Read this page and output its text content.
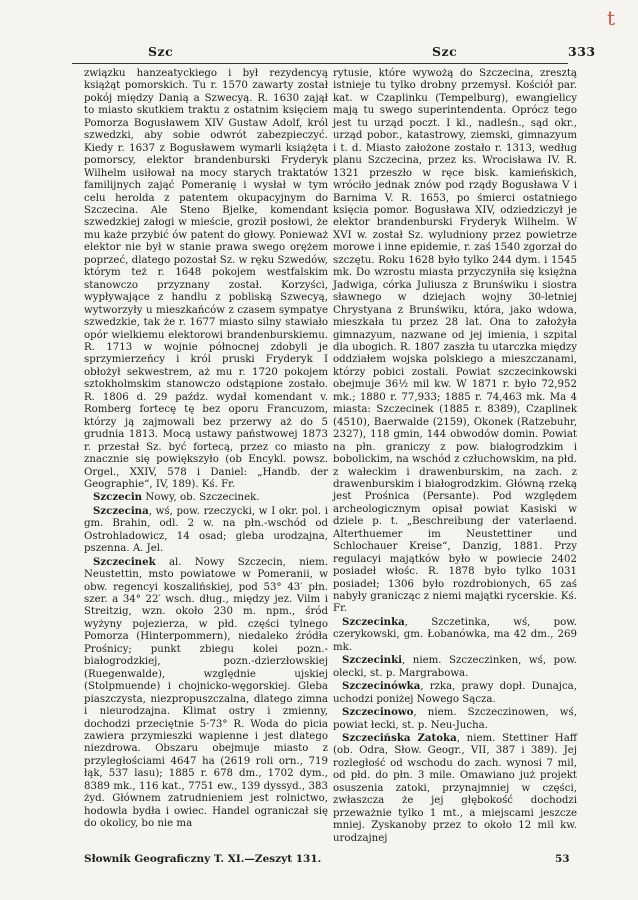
t
Szc	Szc	333

związku hanzeatyckiego i był rezydencyą książąt pomorskich. Tu r. 1570 zawarty został pokój między Danią a Szwecyą. R. 1630 zajął to miasto skutkiem traktu z ostatnim księciem Pomorza Bogusławem XIV Gustaw Adolf, król szwedzki, aby sobie odwrót zabezpieczyć. Kiedy r. 1637 z Bogusławem wymarli książęta pomorscy, elektor brandenburski Fryderyk Wilhelm usiłował na mocy starych traktatów familijnych zająć Pomeranię i wysłał w tym celu herolda z patentem okupacyjnym do Szczecina. Ale Steno Bjelke, komendant szwedzkiej załogi w mieście, groził posłowi, że mu każe przybić ów patent do głowy. Ponieważ elektor nie był w stanie prawa swego orężem poprzeć, dlatego pozostał Sz. w ręku Szwedów, którym też r. 1648 pokojem westfalskim stanowczo przyznany został. Korzyści, wypływające z handlu z pobliską Szwecyą, wytworzyły u mieszkańców z czasem sympatye szwedzkie, tak że r. 1677 miasto silny stawiało opór wielkiemu elektorowi brandenburskiemu. R. 1713 w wojnie północnej zdobyli je sprzymierzeńcy i król pruski Fryderyk I obłożył sekwestrem, aż mu r. 1720 pokojem sztokholmskim stanowczo odstąpione zostało. R. 1806 d. 29 paźdz. wydał komendant v. Romberg fortecę tę bez oporu Francuzom, którzy ją zajmowali bez przerwy aż do 5 grudnia 1813. Mocą ustawy państwowej 1873 r. przestał Sz. być fortecą, przez co miasto znacznie się powiększyło (ob Encykl. powsz. Orgel., XXIV, 578 i Daniel: „Handb. der Geographie“, IV, 189). Kś. Fr.

Szczecin Nowy, ob. Szczecinek.

Szczecina, wś, pow. rzeczycki, w I okr. pol. i gm. Brahin, odl. 2 w. na płn.-wschód od Ostrohladowicz, 14 osad; gleba urodzajna, pszenna. A. Jel.

Szczecinek al. Nowy Szczecin, niem. Neustettin, msto powiatowe w Pomeranii, w obw. regencyi koszalińskiej, pod 53° 43′ płn. szer. a 34° 22′ wsch. dług., między jez. Vilm i Streitzig, wzn. około 230 m. npm., śród wyżyny pojezierza, w płd. części tylnego Pomorza (Hinterpommern), niedaleko źródła Prośnicy; punkt zbiegu kolei pozn.-białogrodzkiej, pozn.-dzierzłowskiej (Ruegenwalde), względnie ujskiej (Stolpmuende) i chojnicko-węgorskiej. Gleba piaszczysta, niezpropuszczalna, dlatego zimna i nieurodzajna. Klimat ostry i zmienny, dochodzi przeciętnie 5·73° R. Woda do picia zawiera przymieszki wapienne i jest dlatego niezdrowa. Obszaru obejmuje miasto z przyległościami 4647 ha (2619 roli orn., 719 łąk, 537 lasu); 1885 r. 678 dm., 1702 dym., 8389 mk., 116 kat., 7751 ew., 139 dyssyd., 383 żyd. Głównem zatrudnieniem jest rolnictwo, hodowla bydła i owiec. Handel ograniczał się do okolicy, bo nie ma

rytusie, które wywożą do Szczecina, zresztą istnieje tu tylko drobny przemysł. Kościół par. kat. w Czaplinku (Tempelburg), ewangielicy mają tu swego superintendenta. Oprócz tego jest tu urząd poczt. I kl., nadleśn., sąd okr., urząd pobor., katastrowy, ziemski, gimnazyum i t. d. Miasto założone zostało r. 1313, według planu Szczecina, przez ks. Wrocisława IV. R. 1321 przeszło w ręce bisk. kamieńskich, wróciło jednak znów pod rządy Bogusława V i Barnima V. R. 1653, po śmierci ostatniego księcia pomor. Bogusława XIV, odziedziczył je elektor brandenburski Fryderyk Wilhelm. W XVI w. został Sz. wyludniony przez powietrze morowe i inne epidemie, r. zaś 1540 zgorzał do szczętu. Roku 1628 było tylko 244 dym. i 1545 mk. Do wzrostu miasta przyczyniła się księżna Jadwiga, córka Juliusza z Brunświku i siostra sławnego w dziejach wojny 30-letniej Chrystyana z Brunświku, która, jako wdowa, mieszkała tu przez 28 lat. Ona to założyła gimnazyum, nazwane od jej imienia, i szpital dla ubogich. R. 1807 zaszła tu utarczka między oddziałem wojska polskiego a mieszczanami, którzy pobici zostali. Powiat szczecinkowski obejmuje 36½ mil kw. W 1871 r. było 72,952 mk.; 1880 r. 77,933; 1885 r. 74,463 mk. Ma 4 miasta: Szczecinek (1885 r. 8389), Czaplinek (4510), Baerwalde (2159), Okonek (Ratzebuhr, 2327), 118 gmin, 144 obwodów domin. Powiat na płn. graniczy z pow. białogrodzkim i bobolickim, na wschód z człuchowskim, na płd. z wałeckim i drawenburskim, na zach. z drawenburskim i białogrodzkim. Główną rzeką jest Prośnica (Persante). Pod względem archeologicznym opisał powiat Kasiski w dziele p. t. „Beschreibung der vaterlaend. Alterthuemer im Neustettiner und Schlochauer Kreise“, Danzig, 1881. Przy regulacyi majątków było w powiecie 2402 posiadeł włośc. R. 1878 było tylko 1031 posiadeł; 1306 było rozdrobionych, 65 zaś nabyły granicząc z niemi majątki rycerskie. Kś. Fr.

Szczecinka, Szczetinka, wś, pow. czerykowski, gm. Łobanówka, ma 42 dm., 269 mk.

Szczecinki, niem. Szczeczinken, wś, pow. olecki, st. p. Margrabowa.

Szczecinówka, rzka, prawy dopł. Dunajca, uchodzi poniżej Nowego Sącza.

Szczecinowo, niem. Szczeczinowen, wś, powiat łecki, st. p. Neu-Jucha.

Szczecińska Zatoka, niem. Stettiner Haff (ob. Odra, Słow. Geogr., VII, 387 i 389). Jej rozległość od wschodu do zach. wynosi 7 mil, od płd. do płn. 3 mile. Omawiano już projekt osuszenia zatoki, przynajmniej w części, zwłaszcza że jej głębokość dochodzi przeważnie tylko 1 mt., a miejscami jeszcze mniej. Zyskanoby przez to około 12 mil kw. urodzajnej

Słownik Geograficzny T. XI.—Zeszyt 131.	53
